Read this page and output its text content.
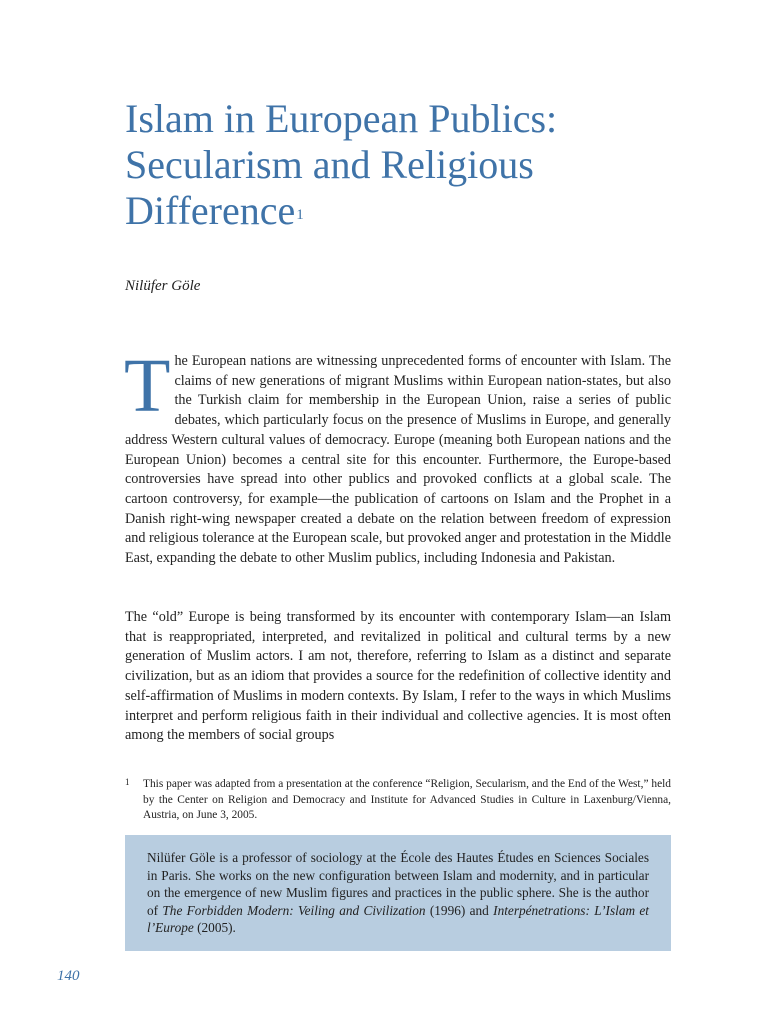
Islam in European Publics:
Secularism and Religious
Difference$^1$
Nilüfer Göle

The European nations are witnessing unprecedented forms of encounter with Islam. The claims of new generations of migrant Muslims within European nation-states, but also the Turkish claim for membership in the European Union, raise a series of public debates, which particularly focus on the presence of Muslims in Europe, and generally address Western cultural values of democracy. Europe (meaning both European nations and the European Union) becomes a central site for this encounter. Furthermore, the Europe-based controversies have spread into other publics and provoked conflicts at a global scale. The cartoon controversy, for example—the publication of cartoons on Islam and the Prophet in a Danish right-wing newspaper created a debate on the relation between freedom of expression and religious tolerance at the European scale, but provoked anger and protestation in the Middle East, expanding the debate to other Muslim publics, including Indonesia and Pakistan.

The “old” Europe is being transformed by its encounter with contemporary Islam—an Islam that is reappropriated, interpreted, and revitalized in political and cultural terms by a new generation of Muslim actors. I am not, therefore, referring to Islam as a distinct and separate civilization, but as an idiom that provides a source for the redefinition of collective identity and self-affirmation of Muslims in modern contexts. By Islam, I refer to the ways in which Muslims interpret and perform religious faith in their individual and collective agencies. It is most often among the members of social groups

1 This paper was adapted from a presentation at the conference “Religion, Secularism, and the End of the West,” held by the Center on Religion and Democracy and Institute for Advanced Studies in Culture in Laxenburg/Vienna, Austria, on June 3, 2005.
Nilüfer Göle is a professor of sociology at the École des Hautes Études en Sciences Sociales in Paris. She works on the new configuration between Islam and modernity, and in particular on the emergence of new Muslim figures and practices in the public sphere. She is the author of The Forbidden Modern: Veiling and Civilization (1996) and Interpénetrations: L’Islam et l’Europe (2005).
140
